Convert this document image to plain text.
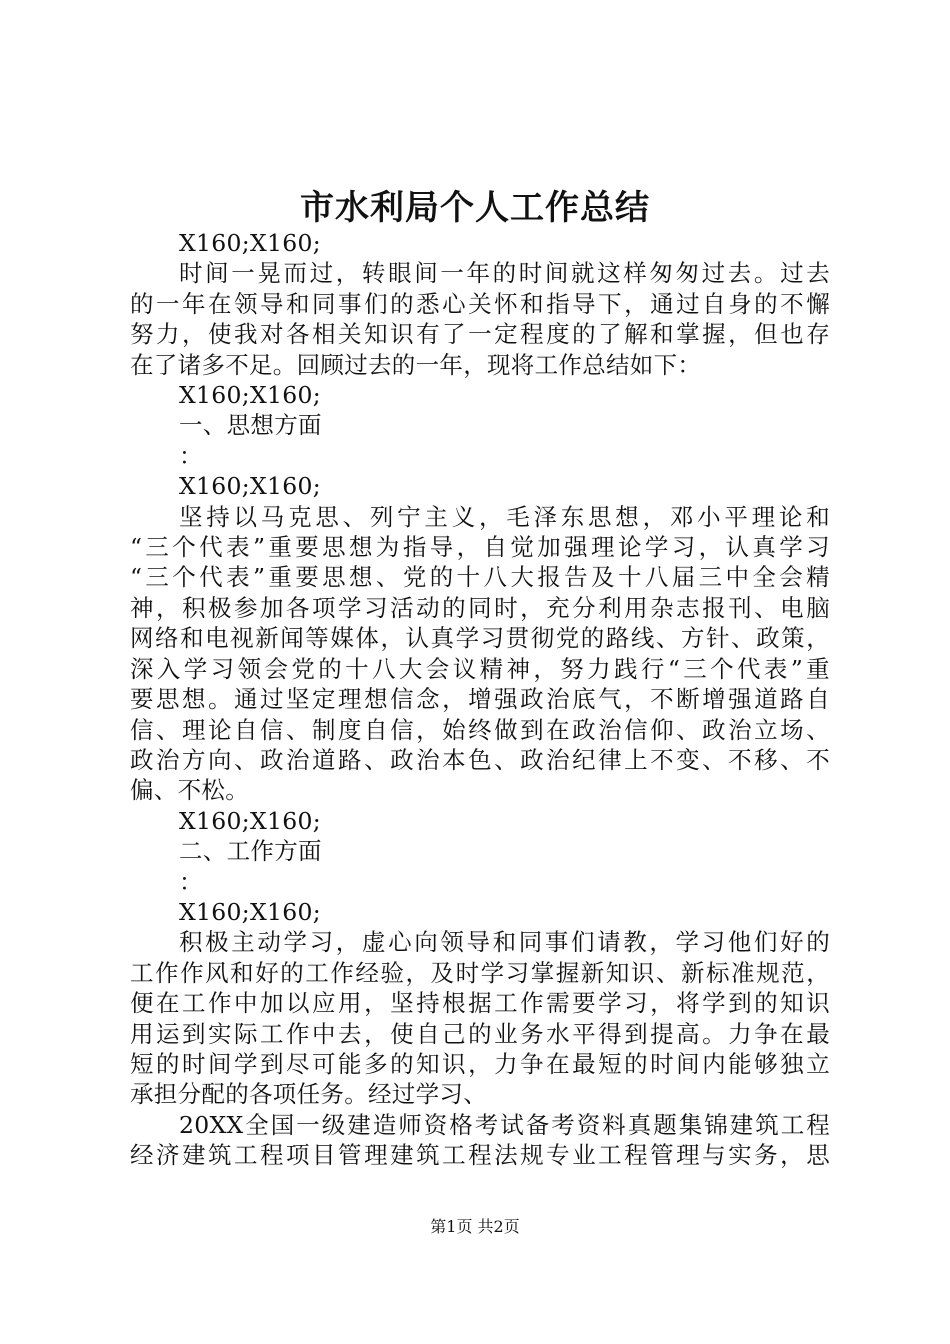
市水利局个人工作总结
X160;X160;
时间一晃而过，转眼间一年的时间就这样匆匆过去。过去
的一年在领导和同事们的悉心关怀和指导下，通过自身的不懈
努力，使我对各相关知识有了一定程度的了解和掌握，但也存
在了诸多不足。回顾过去的一年，现将工作总结如下：
X160;X160;
一、思想方面
：
X160;X160;
坚持以马克思、列宁主义，毛泽东思想，邓小平理论和
“三个代表”重要思想为指导，自觉加强理论学习，认真学习
“三个代表”重要思想、党的十八大报告及十八届三中全会精
神，积极参加各项学习活动的同时，充分利用杂志报刊、电脑
网络和电视新闻等媒体，认真学习贯彻党的路线、方针、政策，
深入学习领会党的十八大会议精神，努力践行“三个代表”重
要思想。通过坚定理想信念，增强政治底气，不断增强道路自
信、理论自信、制度自信，始终做到在政治信仰、政治立场、
政治方向、政治道路、政治本色、政治纪律上不变、不移、不
偏、不松。
X160;X160;
二、工作方面
：
X160;X160;
积极主动学习，虚心向领导和同事们请教，学习他们好的
工作作风和好的工作经验，及时学习掌握新知识、新标准规范，
便在工作中加以应用，坚持根据工作需要学习，将学到的知识
用运到实际工作中去，使自己的业务水平得到提高。力争在最
短的时间学到尽可能多的知识，力争在最短的时间内能够独立
承担分配的各项任务。经过学习、
20XX全国一级建造师资格考试备考资料真题集锦建筑工程
经济建筑工程项目管理建筑工程法规专业工程管理与实务，思
第1页 共2页
